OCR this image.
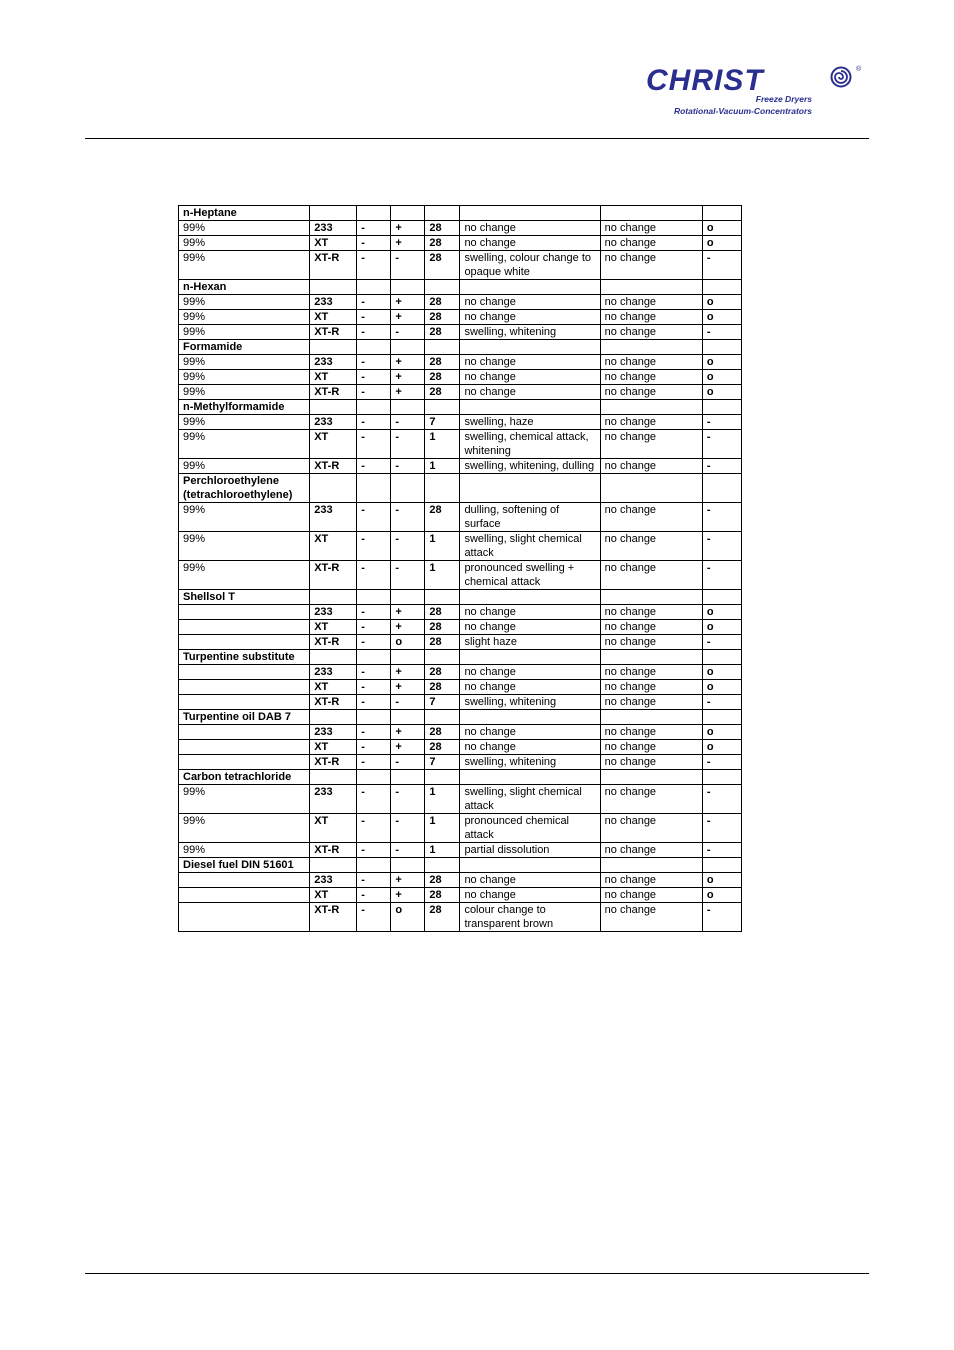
CHRIST	®
Freeze Dryers
Rotational-Vacuum-Concentrators
n-Heptane							
99%	233	-	+	28	no change	no change	o
99%	XT	-	+	28	no change	no change	o
99%	XT-R	-	-	28	swelling, colour change to opaque white	no change	-
n-Hexan							
99%	233	-	+	28	no change	no change	o
99%	XT	-	+	28	no change	no change	o
99%	XT-R	-	-	28	swelling, whitening	no change	-
Formamide							
99%	233	-	+	28	no change	no change	o
99%	XT	-	+	28	no change	no change	o
99%	XT-R	-	+	28	no change	no change	o
n-Methylformamide							
99%	233	-	-	7	swelling, haze	no change	-
99%	XT	-	-	1	swelling, chemical attack, whitening	no change	-
99%	XT-R	-	-	1	swelling, whitening, dulling	no change	-
Perchloroethylene (tetrachloroethylene)							
99%	233	-	-	28	dulling, softening of surface	no change	-
99%	XT	-	-	1	swelling, slight chemical attack	no change	-
99%	XT-R	-	-	1	pronounced swelling + chemical attack	no change	-
Shellsol T							
	233	-	+	28	no change	no change	o
	XT	-	+	28	no change	no change	o
	XT-R	-	o	28	slight haze	no change	-
Turpentine substitute							
	233	-	+	28	no change	no change	o
	XT	-	+	28	no change	no change	o
	XT-R	-	-	7	swelling, whitening	no change	-
Turpentine oil DAB 7							
	233	-	+	28	no change	no change	o
	XT	-	+	28	no change	no change	o
	XT-R	-	-	7	swelling, whitening	no change	-
Carbon tetrachloride							
99%	233	-	-	1	swelling, slight chemical attack	no change	-
99%	XT	-	-	1	pronounced chemical attack	no change	-
99%	XT-R	-	-	1	partial dissolution	no change	-
Diesel fuel DIN 51601							
	233	-	+	28	no change	no change	o
	XT	-	+	28	no change	no change	o
	XT-R	-	o	28	colour change to transparent brown	no change	-
